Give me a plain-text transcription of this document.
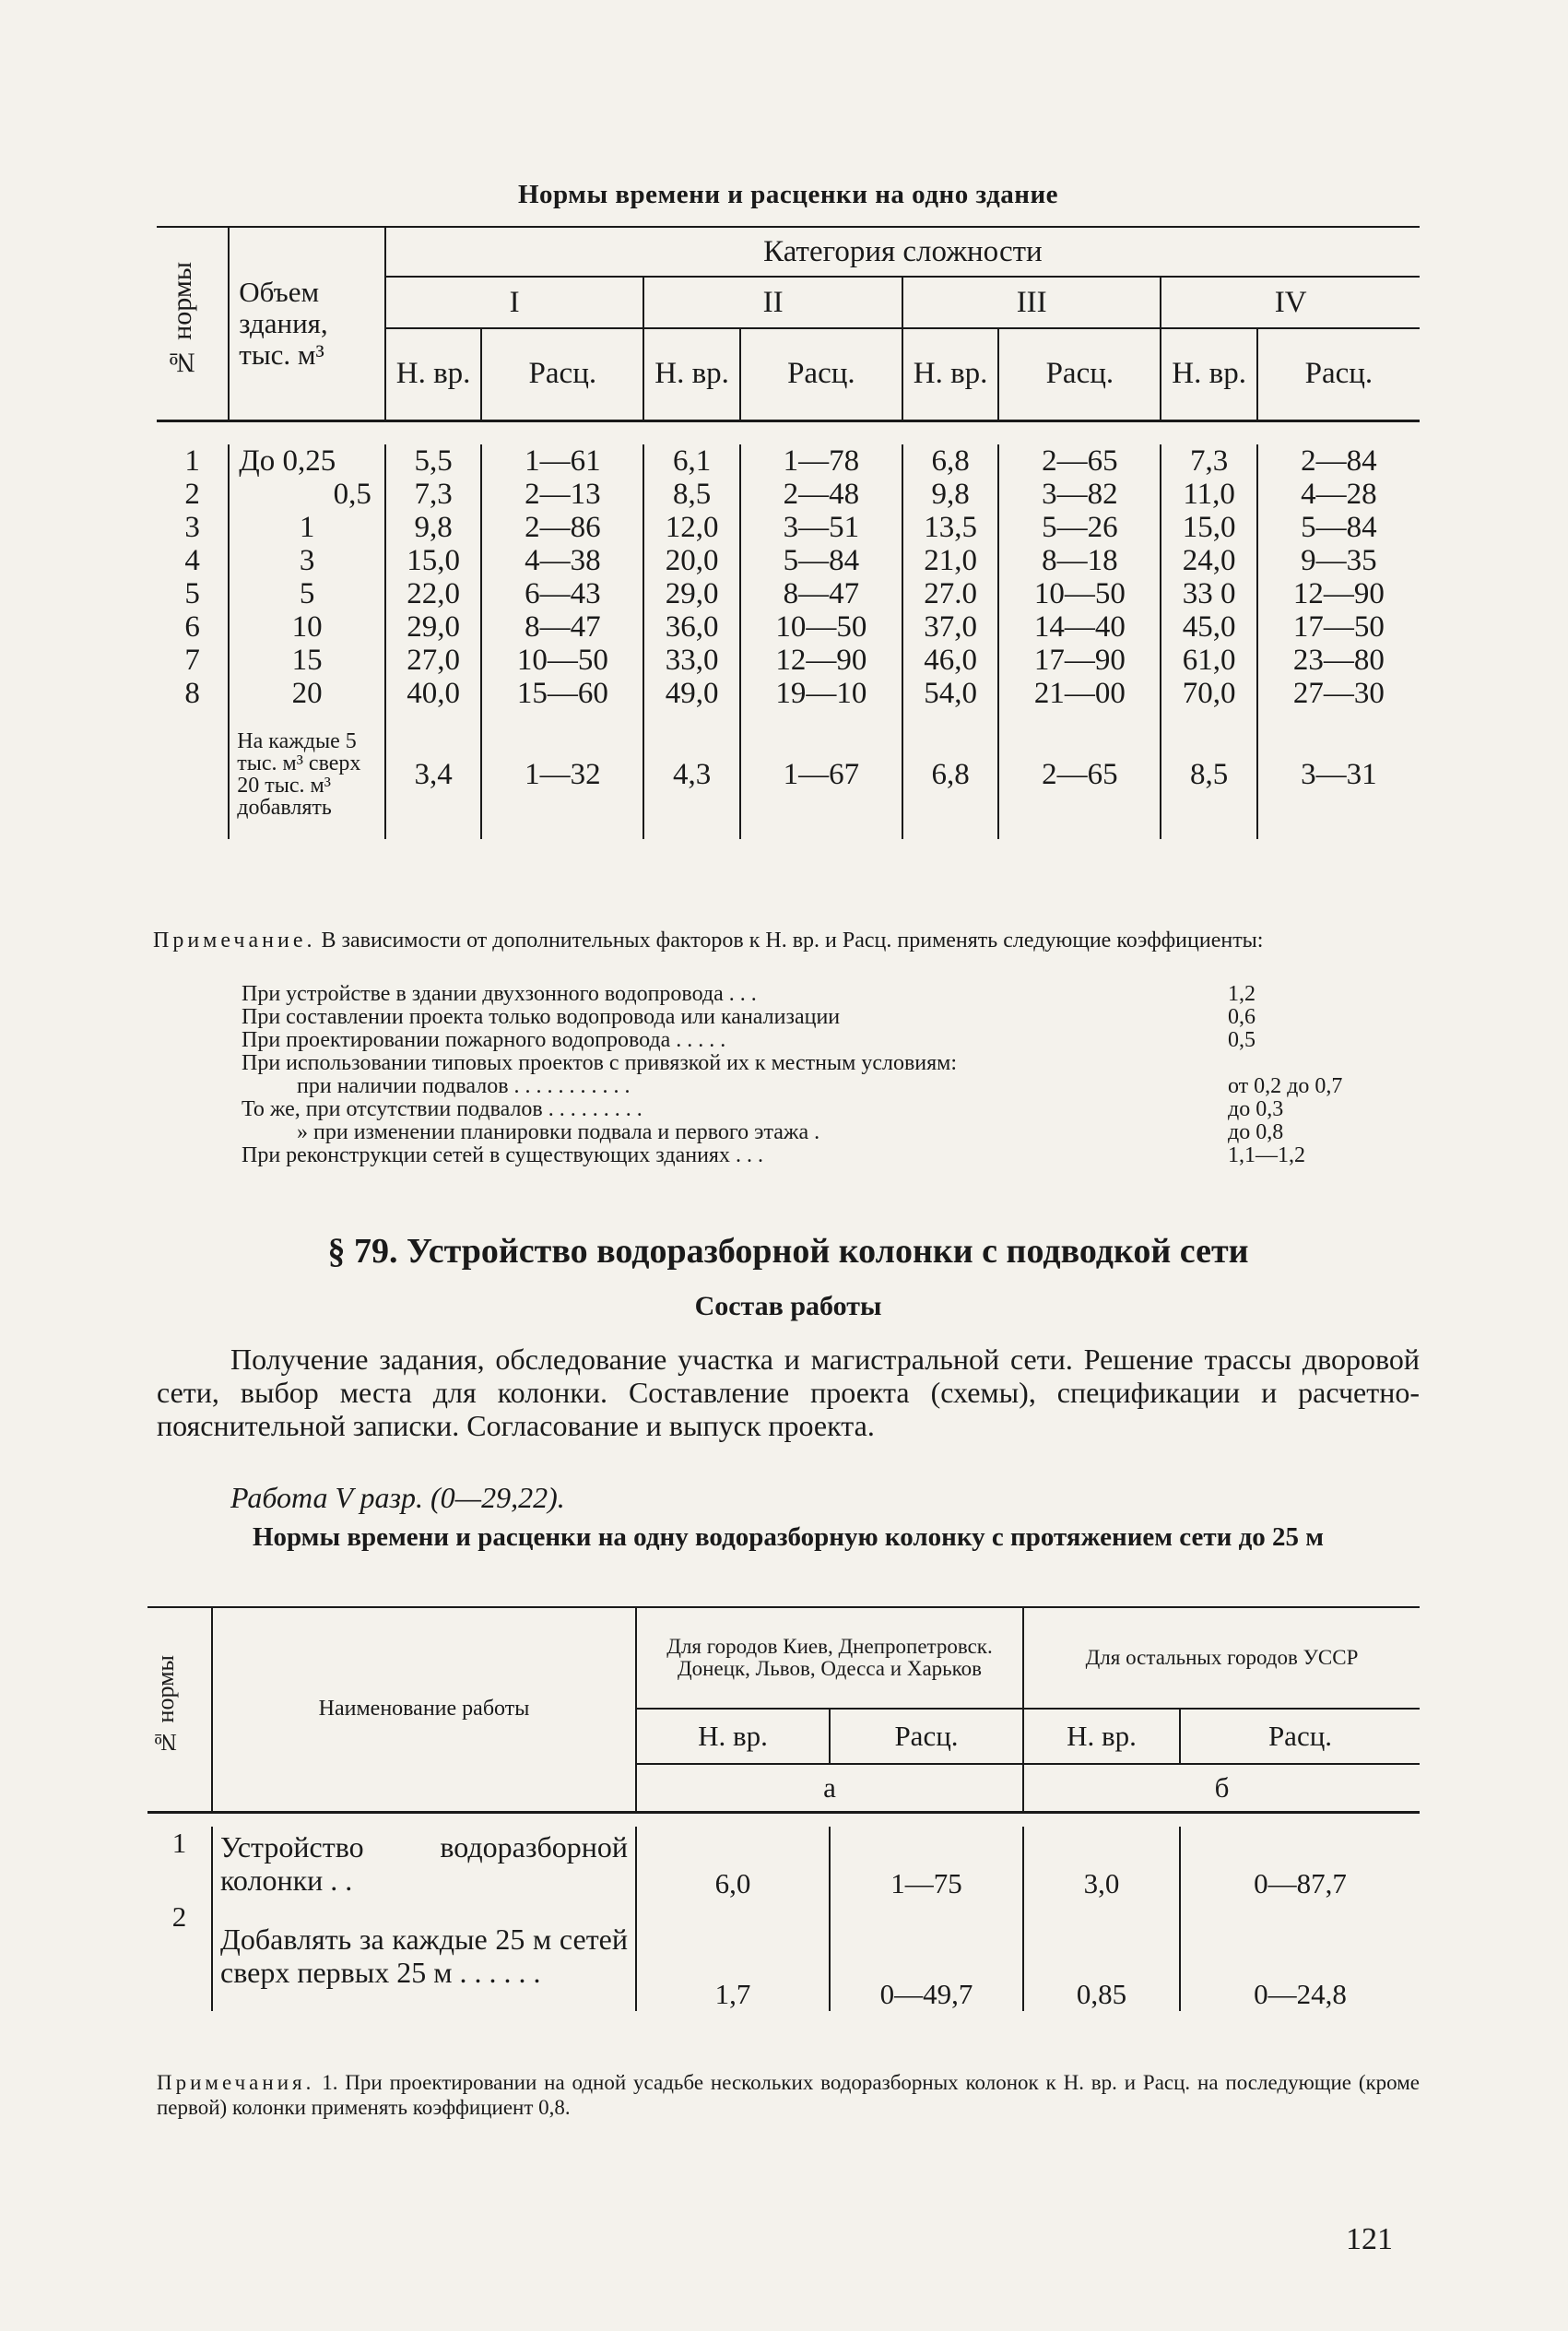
Нормы времени и расценки на одно здание
№ нормы	Объем здания, тыс. м³	Категория сложности							
		I		II		III		IV	
		Н. вр.	Расц.	Н. вр.	Расц.	Н. вр.	Расц.	Н. вр.	Расц.

1	До 0,25	5,5	1—61	6,1	1—78	6,8	2—65	7,3	2—84
2	0,5	7,3	2—13	8,5	2—48	9,8	3—82	11,0	4—28
3	1	9,8	2—86	12,0	3—51	13,5	5—26	15,0	5—84
4	3	15,0	4—38	20,0	5—84	21,0	8—18	24,0	9—35
5	5	22,0	6—43	29,0	8—47	27.0	10—50	33 0	12—90
6	10	29,0	8—47	36,0	10—50	37,0	14—40	45,0	17—50
7	15	27,0	10—50	33,0	12—90	46,0	17—90	61,0	23—80
8	20	40,0	15—60	49,0	19—10	54,0	21—00	70,0	27—30
	На каждые 5 тыс. м³ сверх 20 тыс. м³ добавлять	3,4	1—32	4,3	1—67	6,8	2—65	8,5	3—31
Примечание. В зависимости от дополнительных факторов к Н. вр. и Расц. применять следующие коэффициенты:
При устройстве в здании двухзонного водопровода . . .	1,2
При составлении проекта только водопровода или канализации	0,6
При проектировании пожарного водопровода . . . . .	0,5
При использовании типовых проектов с привязкой их к местным условиям:
при наличии подвалов . . . . . . . . . . .	от 0,2 до 0,7
То же, при отсутствии подвалов . . . . . . . . .	до 0,3
» при изменении планировки подвала и первого этажа .	до 0,8
При реконструкции сетей в существующих зданиях . . .	1,1—1,2
§ 79. Устройство водоразборной колонки с подводкой сети
Состав работы
Получение задания, обследование участка и магистральной сети. Решение трассы дворовой сети, выбор места для колонки. Составление проекта (схемы), спецификации и расчетно-пояснительной записки. Согласование и выпуск проекта.
Работа V разр. (0—29,22).
Нормы времени и расценки на одну водоразборную колонку с протяжением сети до 25 м
№ нормы	Наименование работы	Для городов Киев, Днепропетровск. Донецк, Львов, Одесса и Харьков		Для остальных городов УССР	
		Н. вр.	Расц.	Н. вр.	Расц.
		а		б	

1	Устройство водоразборной колонки . .	6,0	1—75	3,0	0—87,7
2	Добавлять за каждые 25 м сетей сверх первых 25 м . . . . . .	1,7	0—49,7	0,85	0—24,8
Примечания. 1. При проектировании на одной усадьбе нескольких водоразборных колонок к Н. вр. и Расц. на последующие (кроме первой) колонки применять коэффициент 0,8.
121
